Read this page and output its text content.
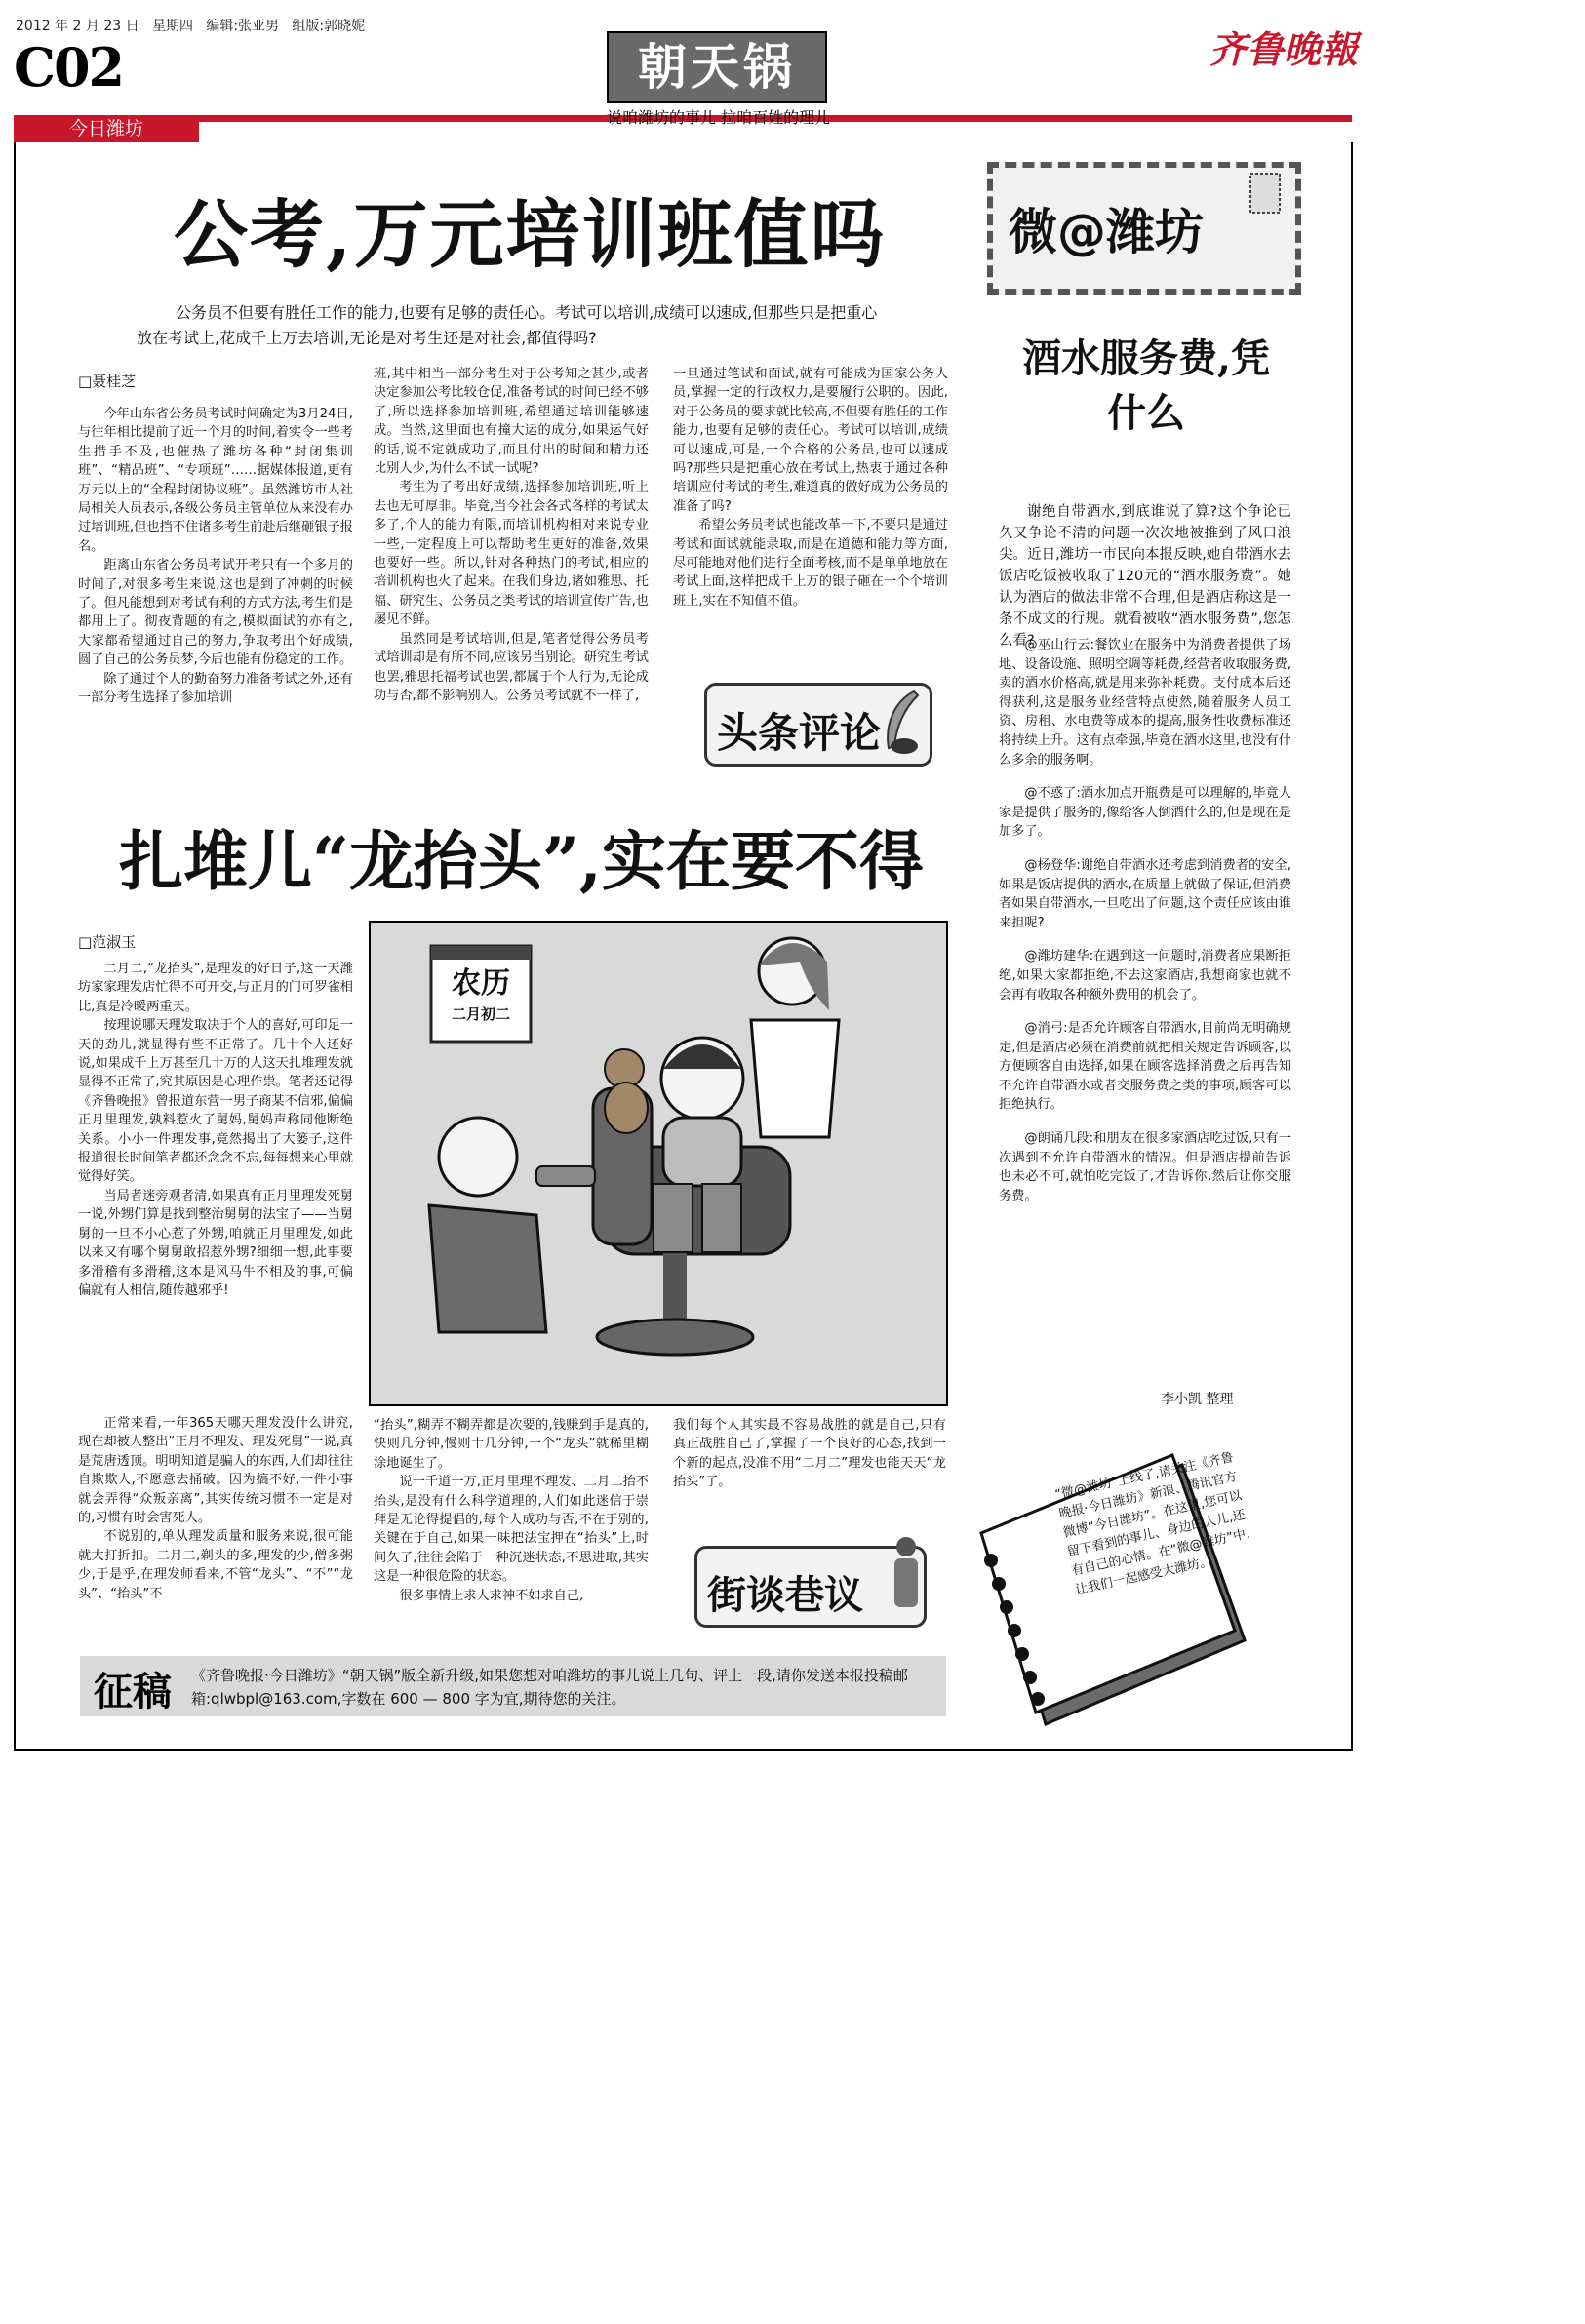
2012 年 2 月 23 日 星期四 编辑:张亚男 组版:郭晓妮
C02
今日潍坊
朝天锅
说咱潍坊的事儿 拉咱百姓的理儿
齐鲁晚報
公考,万元培训班值吗
公务员不但要有胜任工作的能力,也要有足够的责任心。考试可以培训,成绩可以速成,但那些只是把重心放在考试上,花成千上万去培训,无论是对考生还是对社会,都值得吗?
□聂桂芝

今年山东省公务员考试时间确定为3月24日,与往年相比提前了近一个月的时间,着实令一些考生措手不及,也催热了潍坊各种“封闭集训班”、“精品班”、“专项班”……据媒体报道,更有万元以上的“全程封闭协议班”。虽然潍坊市人社局相关人员表示,各级公务员主管单位从来没有办过培训班,但也挡不住诸多考生前赴后继砸银子报名。

距离山东省公务员考试开考只有一个多月的时间了,对很多考生来说,这也是到了冲刺的时候了。但凡能想到对考试有利的方式方法,考生们是都用上了。彻夜背题的有之,模拟面试的亦有之,大家都希望通过自己的努力,争取考出个好成绩,圆了自己的公务员梦,今后也能有份稳定的工作。

除了通过个人的勤奋努力准备考试之外,还有一部分考生选择了参加培训

班,其中相当一部分考生对于公考知之甚少,或者决定参加公考比较仓促,准备考试的时间已经不够了,所以选择参加培训班,希望通过培训能够速成。当然,这里面也有撞大运的成分,如果运气好的话,说不定就成功了,而且付出的时间和精力还比别人少,为什么不试一试呢?

考生为了考出好成绩,选择参加培训班,听上去也无可厚非。毕竟,当今社会各式各样的考试太多了,个人的能力有限,而培训机构相对来说专业一些,一定程度上可以帮助考生更好的准备,效果也要好一些。所以,针对各种热门的考试,相应的培训机构也火了起来。在我们身边,诸如雅思、托福、研究生、公务员之类考试的培训宣传广告,也屡见不鲜。

虽然同是考试培训,但是,笔者觉得公务员考试培训却是有所不同,应该另当别论。研究生考试也罢,雅思托福考试也罢,都属于个人行为,无论成功与否,都不影响别人。公务员考试就不一样了,

一旦通过笔试和面试,就有可能成为国家公务人员,掌握一定的行政权力,是要履行公职的。因此,对于公务员的要求就比较高,不但要有胜任的工作能力,也要有足够的责任心。考试可以培训,成绩可以速成,可是,一个合格的公务员,也可以速成吗?那些只是把重心放在考试上,热衷于通过各种培训应付考试的考生,难道真的做好成为公务员的准备了吗?

希望公务员考试也能改革一下,不要只是通过考试和面试就能录取,而是在道德和能力等方面,尽可能地对他们进行全面考核,而不是单单地放在考试上面,这样把成千上万的银子砸在一个个培训班上,实在不知值不值。

头条评论
扎堆儿“龙抬头”,实在要不得
□范淑玉
农历
二月初二

二月二,“龙抬头”,是理发的好日子,这一天潍坊家家理发店忙得不可开交,与正月的门可罗雀相比,真是冷暖两重天。

按理说哪天理发取决于个人的喜好,可印足一天的劲儿,就显得有些不正常了。几十个人还好说,如果成千上万甚至几十万的人这天扎堆理发就显得不正常了,究其原因是心理作祟。笔者还记得《齐鲁晚报》曾报道东营一男子商某不信邪,偏偏正月里理发,孰料惹火了舅妈,舅妈声称同他断绝关系。小小一件理发事,竟然揭出了大篓子,这件报道很长时间笔者都还念念不忘,每每想来心里就觉得好笑。

当局者迷旁观者清,如果真有正月里理发死舅一说,外甥们算是找到整治舅舅的法宝了——当舅舅的一旦不小心惹了外甥,咱就正月里理发,如此以来又有哪个舅舅敢招惹外甥?细细一想,此事要多滑稽有多滑稽,这本是风马牛不相及的事,可偏偏就有人相信,随传越邪乎!

正常来看,一年365天哪天理发没什么讲究,现在却被人整出“正月不理发、理发死舅”一说,真是荒唐透顶。明明知道是骗人的东西,人们却往往自欺欺人,不愿意去捅破。因为搞不好,一件小事就会弄得“众叛亲离”,其实传统习惯不一定是对的,习惯有时会害死人。

不说别的,单从理发质量和服务来说,很可能就大打折扣。二月二,剃头的多,理发的少,僧多粥少,于是乎,在理发师看来,不管“龙头”、“不”“龙头”、“抬头”不

“抬头”,糊弄不糊弄都是次要的,钱赚到手是真的,快则几分钟,慢则十几分钟,一个“龙头”就稀里糊涂地诞生了。

说一千道一万,正月里理不理发、二月二抬不抬头,是没有什么科学道理的,人们如此迷信于崇拜是无论得提倡的,每个人成功与否,不在于别的,关键在于自己,如果一味把法宝押在“抬头”上,时间久了,往往会陷于一种沉迷状态,不思进取,其实这是一种很危险的状态。

很多事情上求人求神不如求自己,

我们每个人其实最不容易战胜的就是自己,只有真正战胜自己了,掌握了一个良好的心态,找到一个新的起点,没准不用“二月二”理发也能天天“龙抬头”了。

街谈巷议
征稿 《齐鲁晚报·今日潍坊》“朝天锅”版全新升级,如果您想对咱潍坊的事儿说上几句、评上一段,请你发送本报投稿邮箱:qlwbpl@163.com,字数在 600 — 800 字为宜,期待您的关注。
微@潍坊
酒水服务费,凭什么

谢绝自带酒水,到底谁说了算?这个争论已久又争论不清的问题一次次地被推到了风口浪尖。近日,潍坊一市民向本报反映,她自带酒水去饭店吃饭被收取了120元的“酒水服务费”。她认为酒店的做法非常不合理,但是酒店称这是一条不成文的行规。就看被收“酒水服务费”,您怎么看?

@巫山行云:餐饮业在服务中为消费者提供了场地、设备设施、照明空调等耗费,经营者收取服务费,卖的酒水价格高,就是用来弥补耗费。支付成本后还得获利,这是服务业经营特点使然,随着服务人员工资、房租、水电费等成本的提高,服务性收费标准还将持续上升。这有点牵强,毕竟在酒水这里,也没有什么多余的服务啊。

@不惑了:酒水加点开瓶费是可以理解的,毕竟人家是提供了服务的,像给客人倒酒什么的,但是现在是加多了。

@杨登华:谢绝自带酒水还考虑到消费者的安全,如果是饭店提供的酒水,在质量上就做了保证,但消费者如果自带酒水,一旦吃出了问题,这个责任应该由谁来担呢?

@潍坊建华:在遇到这一问题时,消费者应果断拒绝,如果大家都拒绝,不去这家酒店,我想商家也就不会再有收取各种额外费用的机会了。

@消弓:是否允许顾客自带酒水,目前尚无明确规定,但是酒店必须在消费前就把相关规定告诉顾客,以方便顾客自由选择,如果在顾客选择消费之后再告知不允许自带酒水或者交服务费之类的事项,顾客可以拒绝执行。

@朗诵几段:和朋友在很多家酒店吃过饭,只有一次遇到不允许自带酒水的情况。但是酒店提前告诉也未必不可,就怕吃完饭了,才告诉你,然后让你交服务费。

李小凯 整理
“微@潍坊”上线了,请关注《齐鲁晚报·今日潍坊》新浪、腾讯官方微博“今日潍坊”。在这里,您可以留下看到的事儿、身边的人儿,还有自己的心情。在“微@潍坊”中,让我们一起感受大潍坊。
